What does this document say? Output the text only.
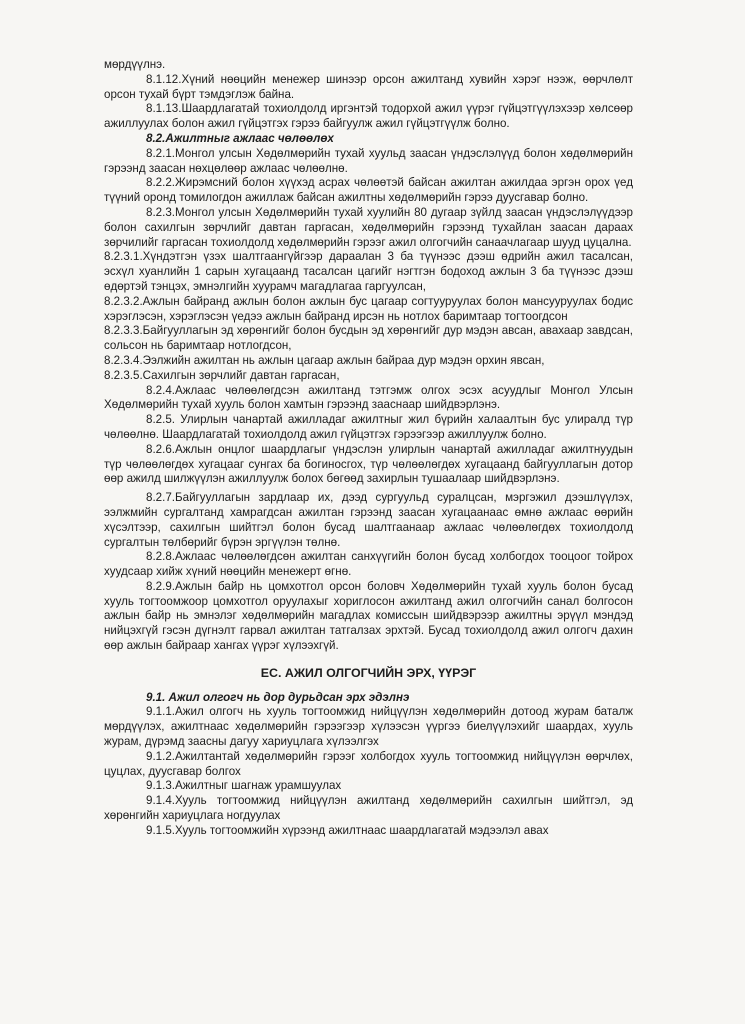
мөрдүүлнэ.

8.1.12.Хүний нөөцийн менежер шинээр орсон ажилтанд хувийн хэрэг нээж, өөрчлөлт орсон тухай бүрт тэмдэглэж байна.

8.1.13.Шаардлагатай тохиолдолд иргэнтэй тодорхой ажил үүрэг гүйцэтгүүлэхээр хөлсөөр ажиллуулах болон ажил гүйцэтгэх гэрээ байгуулж ажил гүйцэтгүүлж болно.

8.2.Ажилтныг ажлаас чөлөөлөх

8.2.1.Монгол улсын Хөдөлмөрийн тухай хуульд заасан үндэслэлүүд болон хөдөлмөрийн гэрээнд заасан нөхцөлөөр ажлаас чөлөөлнө.

8.2.2.Жирэмсний болон хүүхэд асрах чөлөөтэй байсан ажилтан ажилдаа эргэн орох үед түүний оронд томилогдон ажиллаж байсан ажилтны хөдөлмөрийн гэрээ дуусгавар болно.

8.2.3.Монгол улсын Хөдөлмөрийн тухай хуулийн 80 дугаар зүйлд заасан үндэслэлүүдээр болон сахилгын зөрчлийг давтан гаргасан, хөдөлмөрийн гэрээнд тухайлан заасан дараах зөрчилийг гаргасан тохиолдолд хөдөлмөрийн гэрээг ажил олгогчийн санаачлагаар шууд цуцална.

8.2.3.1.Хүндэтгэн үзэх шалтгаангүйгээр дараалан 3 ба түүнээс дээш өдрийн ажил тасалсан, эсхүл хуанлийн 1 сарын хугацаанд тасалсан цагийг нэгтгэн бодоход ажлын 3 ба түүнээс дээш өдөртэй тэнцэх, эмнэлгийн хуурамч магадлагаа гаргуулсан,

8.2.3.2.Ажлын байранд ажлын болон ажлын бус цагаар согтууруулах болон мансууруулах бодис хэрэглэсэн, хэрэглэсэн үедээ ажлын байранд ирсэн нь нотлох баримтаар тогтоогдсон

8.2.3.3.Байгууллагын эд хөрөнгийг болон бусдын эд хөрөнгийг дур мэдэн авсан, авахаар завдсан, сольсон нь баримтаар нотлогдсон,

8.2.3.4.Ээлжийн ажилтан нь ажлын цагаар ажлын байраа дур мэдэн орхин явсан,

8.2.3.5.Сахилгын зөрчлийг давтан гаргасан,

8.2.4.Ажлаас чөлөөлөгдсэн ажилтанд тэтгэмж олгох эсэх асуудлыг Монгол Улсын Хөдөлмөрийн тухай хууль болон хамтын гэрээнд зааснаар шийдвэрлэнэ.

8.2.5. Улирлын чанартай ажилладаг ажилтныг жил бүрийн халаалтын бус улиралд түр чөлөөлнө. Шаардлагатай тохиолдолд ажил гүйцэтгэх гэрээгээр ажиллуулж болно.

8.2.6.Ажлын онцлог шаардлагыг үндэслэн улирлын чанартай ажилладаг ажилтнуудын түр чөлөөлөгдөх хугацааг сунгах ба богиносгох, түр чөлөөлөгдөх хугацаанд байгууллагын дотор өөр ажилд шилжүүлэн ажиллуулж болох бөгөөд захирлын тушаалаар шийдвэрлэнэ.

8.2.7.Байгууллагын зардлаар их, дээд сургуульд суралцсан, мэргэжил дээшлүүлэх, ээлжмийн сургалтанд хамрагдсан ажилтан гэрээнд заасан хугацаанаас өмнө ажлаас өөрийн хүсэлтээр, сахилгын шийтгэл болон бусад шалтгаанаар ажлаас чөлөөлөгдөх тохиолдолд сургалтын төлбөрийг бүрэн эргүүлэн төлнө.

8.2.8.Ажлаас чөлөөлөгдсөн ажилтан санхүүгийн болон бусад холбогдох тооцоог тойрох хуудсаар хийж хүний нөөцийн менежерт өгнө.

8.2.9.Ажлын байр нь цомхотгол орсон боловч Хөдөлмөрийн тухай хууль болон бусад хууль тогтоомжоор цомхотгол оруулахыг хориглосон ажилтанд ажил олгогчийн санал болгосон ажлын байр нь эмнэлэг хөдөлмөрийн магадлах комиссын шийдвэрээр ажилтны эрүүл мэндэд нийцэхгүй гэсэн дүгнэлт гарвал ажилтан татгалзах эрхтэй. Бусад тохиолдолд ажил олгогч дахин өөр ажлын байраар хангах үүрэг хүлээхгүй.

ЕС. АЖИЛ ОЛГОГЧИЙН ЭРХ, ҮҮРЭГ

9.1. Ажил олгогч нь дор дурьдсан эрх эдэлнэ

9.1.1.Ажил олгогч нь хууль тогтоомжид нийцүүлэн хөдөлмөрийн дотоод журам баталж мөрдүүлэх, ажилтнаас хөдөлмөрийн гэрээгээр хүлээсэн үүргээ биелүүлэхийг шаардах, хууль журам, дүрэмд заасны дагуу хариуцлага хүлээлгэх

9.1.2.Ажилтантай хөдөлмөрийн гэрээг холбогдох хууль тогтоомжид нийцүүлэн өөрчлөх, цуцлах, дуусгавар болгох

9.1.3.Ажилтныг шагнаж урамшуулах

9.1.4.Хууль тогтоомжид нийцүүлэн ажилтанд хөдөлмөрийн сахилгын шийтгэл, эд хөрөнгийн хариуцлага ногдуулах

9.1.5.Хууль тогтоомжийн хүрээнд ажилтнаас шаардлагатай мэдээлэл авах
